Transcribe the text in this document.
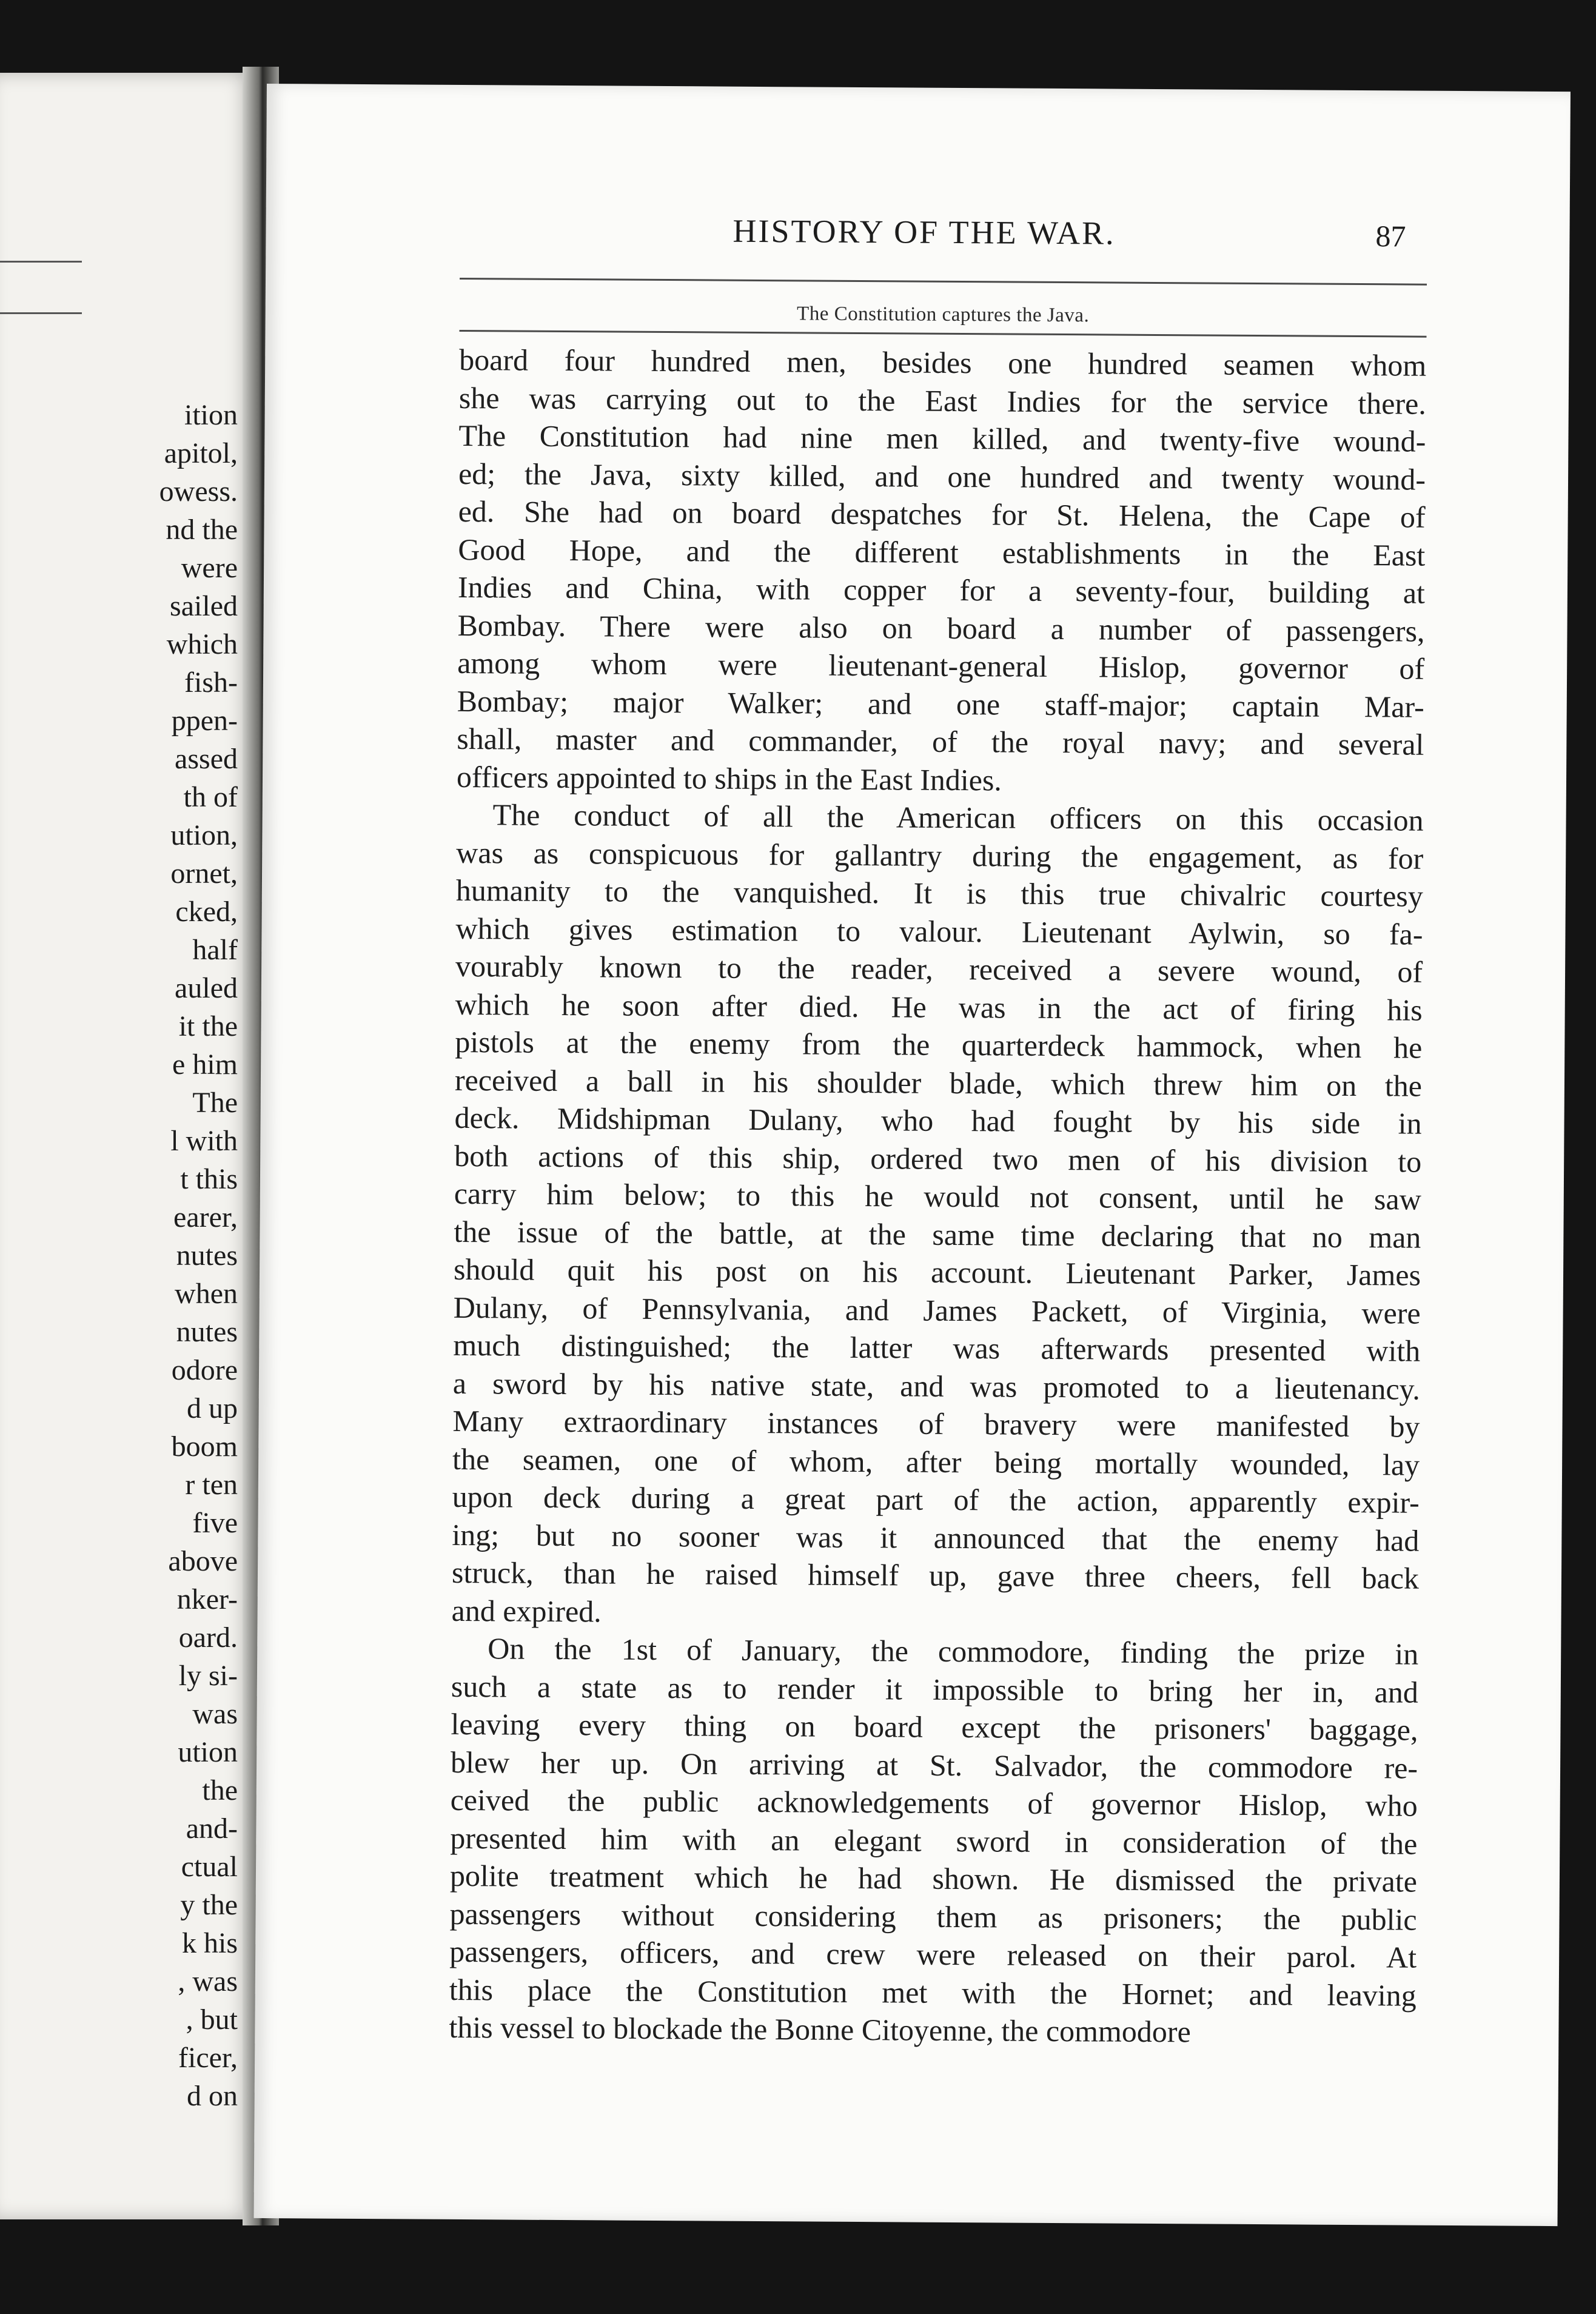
ition
apitol,
owess.
nd the
were
sailed
which
fish-
ppen-
assed
th of
ution,
ornet,
cked,
half
auled
it the
e him
The
l with
t this
earer,
nutes
when
nutes
odore
d up
boom
r ten
five
above
nker-
oard.
ly si-
was
ution
the
and-
ctual
y the
k his
, was
, but
ficer,
d on
HISTORY OF THE WAR.	87
The Constitution captures the Java.
board four hundred men, besides one hundred seamen whom
she was carrying out to the East Indies for the service there.
The Constitution had nine men killed, and twenty-five wound-
ed; the Java, sixty killed, and one hundred and twenty wound-
ed. She had on board despatches for St. Helena, the Cape of
Good Hope, and the different establishments in the East
Indies and China, with copper for a seventy-four, building at
Bombay. There were also on board a number of passengers,
among whom were lieutenant-general Hislop, governor of
Bombay; major Walker; and one staff-major; captain Mar-
shall, master and commander, of the royal navy; and several
officers appointed to ships in the East Indies.
The conduct of all the American officers on this occasion
was as conspicuous for gallantry during the engagement, as for
humanity to the vanquished. It is this true chivalric courtesy
which gives estimation to valour. Lieutenant Aylwin, so fa-
vourably known to the reader, received a severe wound, of
which he soon after died. He was in the act of firing his
pistols at the enemy from the quarterdeck hammock, when he
received a ball in his shoulder blade, which threw him on the
deck. Midshipman Dulany, who had fought by his side in
both actions of this ship, ordered two men of his division to
carry him below; to this he would not consent, until he saw
the issue of the battle, at the same time declaring that no man
should quit his post on his account. Lieutenant Parker, James
Dulany, of Pennsylvania, and James Packett, of Virginia, were
much distinguished; the latter was afterwards presented with
a sword by his native state, and was promoted to a lieutenancy.
Many extraordinary instances of bravery were manifested by
the seamen, one of whom, after being mortally wounded, lay
upon deck during a great part of the action, apparently expir-
ing; but no sooner was it announced that the enemy had
struck, than he raised himself up, gave three cheers, fell back
and expired.
On the 1st of January, the commodore, finding the prize in
such a state as to render it impossible to bring her in, and
leaving every thing on board except the prisoners' baggage,
blew her up. On arriving at St. Salvador, the commodore re-
ceived the public acknowledgements of governor Hislop, who
presented him with an elegant sword in consideration of the
polite treatment which he had shown. He dismissed the private
passengers without considering them as prisoners; the public
passengers, officers, and crew were released on their parol. At
this place the Constitution met with the Hornet; and leaving
this vessel to blockade the Bonne Citoyenne, the commodore
